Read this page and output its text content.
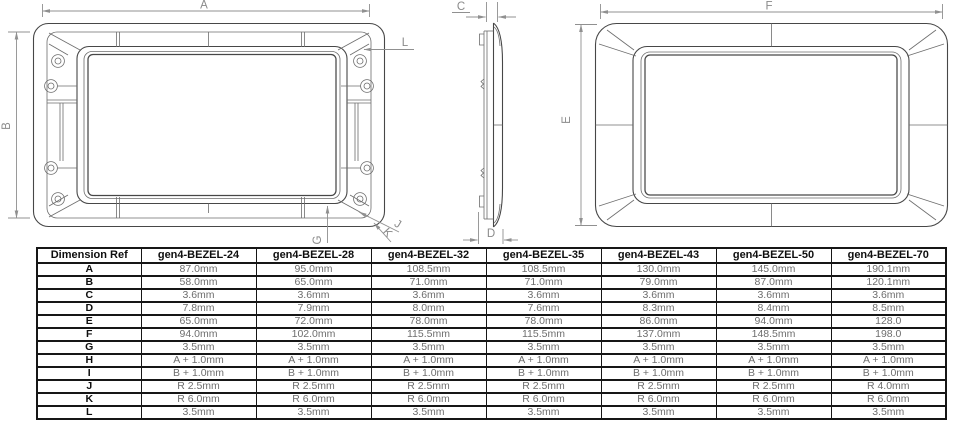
A
B
L
G
J
K
C
D
F
E
Dimension Ref	gen4-BEZEL-24	gen4-BEZEL-28	gen4-BEZEL-32	gen4-BEZEL-35	gen4-BEZEL-43	gen4-BEZEL-50	gen4-BEZEL-70
A	87.0mm	95.0mm	108.5mm	108.5mm	130.0mm	145.0mm	190.1mm
B	58.0mm	65.0mm	71.0mm	71.0mm	79.0mm	87.0mm	120.1mm
C	3.6mm	3.6mm	3.6mm	3.6mm	3.6mm	3.6mm	3.6mm
D	7.8mm	7.9mm	8.0mm	7.6mm	8.3mm	8.4mm	8.5mm
E	65.0mm	72.0mm	78.0mm	78.0mm	86.0mm	94.0mm	128.0
F	94.0mm	102.0mm	115.5mm	115.5mm	137.0mm	148.5mm	198.0
G	3.5mm	3.5mm	3.5mm	3.5mm	3.5mm	3.5mm	3.5mm
H	A + 1.0mm	A + 1.0mm	A + 1.0mm	A + 1.0mm	A + 1.0mm	A + 1.0mm	A + 1.0mm
I	B + 1.0mm	B + 1.0mm	B + 1.0mm	B + 1.0mm	B + 1.0mm	B + 1.0mm	B + 1.0mm
J	R 2.5mm	R 2.5mm	R 2.5mm	R 2.5mm	R 2.5mm	R 2.5mm	R 4.0mm
K	R 6.0mm	R 6.0mm	R 6.0mm	R 6.0mm	R 6.0mm	R 6.0mm	R 6.0mm
L	3.5mm	3.5mm	3.5mm	3.5mm	3.5mm	3.5mm	3.5mm
